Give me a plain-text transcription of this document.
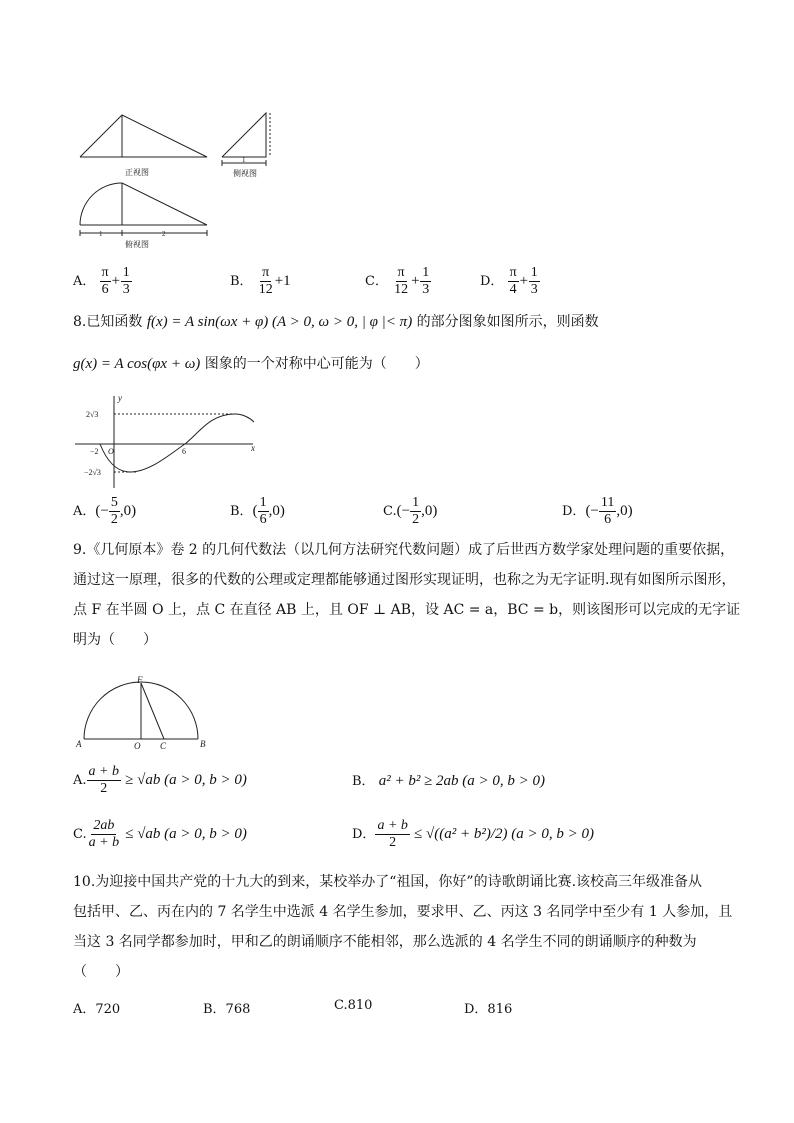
正视图
1
侧视图
1	2
俯视图
A． $\frac{\pi}{6} + \frac{1}{3}$	B． $\frac{\pi}{12} +1$	C． $\frac{\pi}{12} + \frac{1}{3}$	D． $\frac{\pi}{4} + \frac{1}{3}$
8.已知函数 f(x) = A sin(ωx + φ) (A > 0, ω > 0, | φ |< π) 的部分图象如图所示，则函数
g(x) = A cos(φx + ω) 图象的一个对称中心可能为（　　）
y
x
2√3
−2 O	6
−2√3
A．(− $\frac{5}{2} ,0$)	B．( $\frac{1}{6} ,0$)	$C.(- \frac{1}{2} ,0)$	D．(− $\frac{11}{6} ,0$)
9.《几何原本》卷 2 的几何代数法（以几何方法研究代数问题）成了后世西方数学家处理问题的重要依据，
通过这一原理，很多的代数的公理或定理都能够通过图形实现证明，也称之为无字证明.现有如图所示图形，
点 F 在半圆 O 上，点 C 在直径 AB 上，且 OF ⊥ AB，设 AC = a，BC = b，则该图形可以完成的无字证
明为（　　）
F
A	O C	B
A. $\frac{a + b}{2} \ge √ab$ (a > 0, b > 0)	B． a² + b² ≥ 2ab (a > 0, b > 0)
C. $\frac{2ab}{a + b} \le √ab$ (a > 0, b > 0)	D． $\frac{a + b}{2} \le √((a^2 + b^2)/2) (a > 0$, b > 0)
10.为迎接中国共产党的十九大的到来，某校举办了“祖国，你好”的诗歌朗诵比赛.该校高三年级准备从
包括甲、乙、丙在内的 7 名学生中选派 4 名学生参加，要求甲、乙、丙这 3 名同学中至少有 1 人参加，且
当这 3 名同学都参加时，甲和乙的朗诵顺序不能相邻，那么选派的 4 名学生不同的朗诵顺序的种数为
（　　）
A．720	B．768	C.810	D．816
